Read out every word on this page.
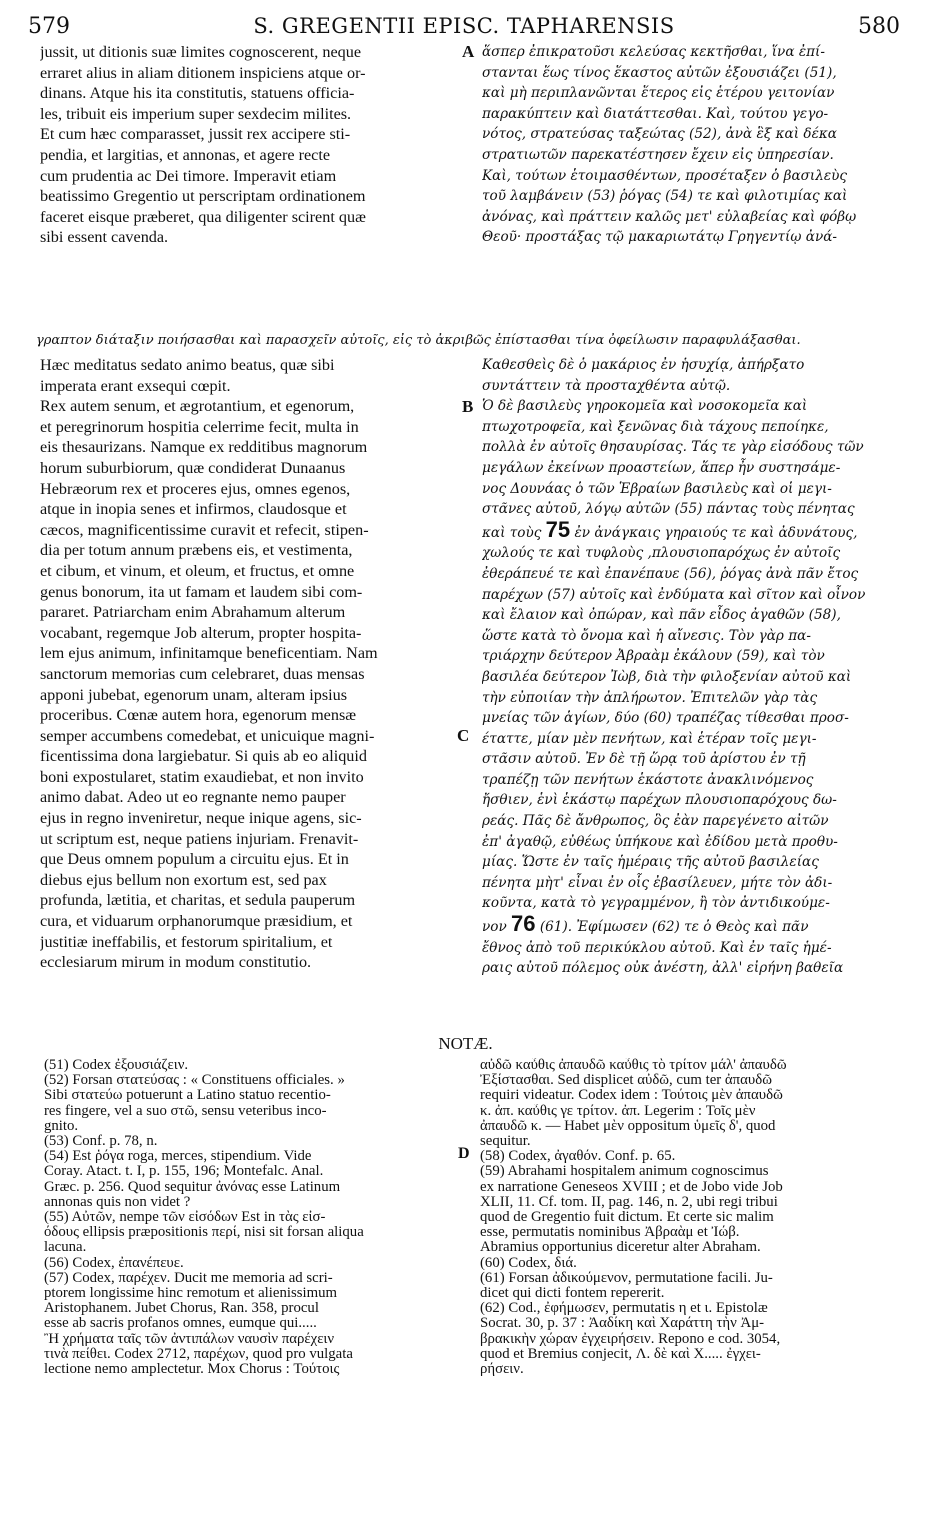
579	S. GREGENTII EPISC. TAPHARENSIS	580
jussit, ut ditionis suæ limites cognoscerent, neque
erraret alius in aliam ditionem inspiciens atque or-
dinans. Atque his ita constitutis, statuens officia-
les, tribuit eis imperium super sexdecim milites.
Et cum hæc comparasset, jussit rex accipere sti-
pendia, et largitias, et annonas, et agere recte
cum prudentia ac Dei timore. Imperavit etiam
beatissimo Gregentio ut perscriptam ordinationem
faceret eisque præberet, qua diligenter scirent quæ
sibi essent cavenda.
ἅσπερ ἐπικρατοῦσι κελεύσας κεκτῆσθαι, ἵνα ἐπί-
στανται ἕως τίνος ἕκαστος αὐτῶν ἐξουσιάζει (51),
καὶ μὴ περιπλανῶνται ἕτερος εἰς ἑτέρου γειτονίαν
παρακύπτειν καὶ διατάττεσθαι. Καὶ, τούτου γεγο-
νότος, στρατεύσας ταξεώτας (52), ἀνὰ ἓξ καὶ δέκα
στρατιωτῶν παρεκατέστησεν ἔχειν εἰς ὑπηρεσίαν.
Καὶ, τούτων ἑτοιμασθέντων, προσέταξεν ὁ βασιλεὺς
τοῦ λαμβάνειν (53) ῥόγας (54) τε καὶ φιλοτιμίας καὶ
ἀνόνας, καὶ πράττειν καλῶς μετ' εὐλαβείας καὶ φόβῳ
Θεοῦ· προστάξας τῷ μακαριωτάτῳ Γρηγεντίῳ ἀνά-
A
γραπτον διάταξιν ποιήσασθαι καὶ παρασχεῖν αὐτοῖς, εἰς τὸ ἀκριβῶς ἐπίστασθαι τίνα ὀφείλωσιν παραφυλάξασθαι.
Hæc meditatus sedato animo beatus, quæ sibi
imperata erant exsequi cœpit.
Rex autem senum, et ægrotantium, et egenorum,
et peregrinorum hospitia celerrime fecit, multa in
eis thesaurizans. Namque ex redditibus magnorum
horum suburbiorum, quæ condiderat Dunaanus
Hebræorum rex et proceres ejus, omnes egenos,
atque in inopia senes et infirmos, claudosque et
cæcos, magnificentissime curavit et refecit, stipen-
dia per totum annum præbens eis, et vestimenta,
et cibum, et vinum, et oleum, et fructus, et omne
genus bonorum, ita ut famam et laudem sibi com-
pararet. Patriarcham enim Abrahamum alterum
vocabant, regemque Job alterum, propter hospita-
lem ejus animum, infinitamque beneficentiam. Nam
sanctorum memorias cum celebraret, duas mensas
apponi jubebat, egenorum unam, alteram ipsius
proceribus. Cœnæ autem hora, egenorum mensæ
semper accumbens comedebat, et unicuique magni-
ficentissima dona largiebatur. Si quis ab eo aliquid
boni expostularet, statim exaudiebat, et non invito
animo dabat. Adeo ut eo regnante nemo pauper
ejus in regno inveniretur, neque inique agens, sic-
ut scriptum est, neque patiens injuriam. Frenavit-
que Deus omnem populum a circuitu ejus. Et in
diebus ejus bellum non exortum est, sed pax
profunda, lætitia, et charitas, et sedula pauperum
cura, et viduarum orphanorumque præsidium, et
justitiæ ineffabilis, et festorum spiritalium, et
ecclesiarum mirum in modum constitutio.
Καθεσθεὶς δὲ ὁ μακάριος ἐν ἡσυχίᾳ, ἀπήρξατο
συντάττειν τὰ προσταχθέντα αὐτῷ.
Ὁ δὲ βασιλεὺς γηροκομεῖα καὶ νοσοκομεῖα καὶ
πτωχοτροφεῖα, καὶ ξενῶνας διὰ τάχους πεποίηκε,
πολλὰ ἐν αὐτοῖς θησαυρίσας. Τάς τε γὰρ εἰσόδους τῶν
μεγάλων ἐκείνων προαστείων, ἅπερ ἦν συστησάμε-
νος Δουνάας ὁ τῶν Ἑβραίων βασιλεὺς καὶ οἱ μεγι-
στᾶνες αὐτοῦ, λόγῳ αὐτῶν (55) πάντας τοὺς πένητας
καὶ τοὺς 75 ἐν ἀνάγκαις γηραιούς τε καὶ ἀδυνάτους,
χωλούς τε καὶ τυφλοὺς ,πλουσιοπαρόχως ἐν αὐτοῖς
ἐθεράπευέ τε καὶ ἐπανέπαυε (56), ῥόγας ἀνὰ πᾶν ἔτος
παρέχων (57) αὐτοῖς καὶ ἐνδύματα καὶ σῖτον καὶ οἶνον
καὶ ἔλαιον καὶ ὀπώραν, καὶ πᾶν εἶδος ἀγαθῶν (58),
ὥστε κατὰ τὸ ὄνομα καὶ ἡ αἴνεσις. Τὸν γὰρ πα-
τριάρχην δεύτερον Ἀβραὰμ ἐκάλουν (59), καὶ τὸν
βασιλέα δεύτερον Ἰὼβ, διὰ τὴν φιλοξενίαν αὐτοῦ καὶ
τὴν εὐποιίαν τὴν ἀπλήρωτον. Ἐπιτελῶν γὰρ τὰς
μνείας τῶν ἁγίων, δύο (60) τραπέζας τίθεσθαι προσ-
έταττε, μίαν μὲν πενήτων, καὶ ἑτέραν τοῖς μεγι-
στᾶσιν αὐτοῦ. Ἐν δὲ τῇ ὥρᾳ τοῦ ἀρίστου ἐν τῇ
τραπέζῃ τῶν πενήτων ἑκάστοτε ἀνακλινόμενος
ἤσθιεν, ἑνὶ ἑκάστῳ παρέχων πλουσιοπαρόχους δω-
ρεάς. Πᾶς δὲ ἄνθρωπος, ὃς ἐὰν παρεγένετο αἰτῶν
ἐπ' ἀγαθῷ, εὐθέως ὑπήκουε καὶ ἐδίδου μετὰ προθυ-
μίας. Ὥστε ἐν ταῖς ἡμέραις τῆς αὐτοῦ βασιλείας
πένητα μὴτ' εἶναι ἐν οἷς ἐβασίλευεν, μήτε τὸν ἀδι-
κοῦντα, κατὰ τὸ γεγραμμένον, ἢ τὸν ἀντιδικούμε-
νον 76 (61). Ἐφίμωσεν (62) τε ὁ Θεὸς καὶ πᾶν
ἔθνος ἀπὸ τοῦ περικύκλου αὐτοῦ. Καὶ ἐν ταῖς ἡμέ-
ραις αὐτοῦ πόλεμος οὐκ ἀνέστη, ἀλλ' εἰρήνη βαθεῖα
B
C
NOTÆ.
(51) Codex ἐξουσιάζειν.
(52) Forsan στατεύσας : « Constituens officiales. »
Sibi στατεύω potuerunt a Latino statuo recentio-
res fingere, vel a suo στῶ, sensu veteribus inco-
gnito.
(53) Conf. p. 78, n.
(54) Est ῥόγα roga, merces, stipendium. Vide
Coray. Atact. t. I, p. 155, 196; Montefalc. Anal.
Græc. p. 256. Quod sequitur ἀνόνας esse Latinum
annonas quis non videt ?
(55) Αὐτῶν, nempe τῶν εἰσόδων Est in τὰς εἰσ-
όδους ellipsis præpositionis περί, nisi sit forsan aliqua
lacuna.
(56) Codex, ἐπανέπευε.
(57) Codex, παρέχεν. Ducit me memoria ad scri-
ptorem longissime hinc remotum et alienissimum
Aristophanem. Jubet Chorus, Ran. 358, procul
esse ab sacris profanos omnes, eumque qui.....
Ἢ χρήματα ταῖς τῶν ἀντιπάλων ναυσὶν παρέχειν
τινὰ πείθει. Codex 2712, παρέχων, quod pro vulgata
lectione nemo amplectetur. Mox Chorus : Τούτοις
αὐδῶ καὖθις ἀπαυδῶ καὖθις τὸ τρίτον μάλ' ἀπαυδῶ
Ἐξίστασθαι. Sed displicet αὐδῶ, cum ter ἀπαυδῶ
requiri videatur. Codex idem : Τούτοις μὲν ἀπαυδῶ
κ. ἀπ. καὖθις γε τρίτον. ἀπ. Legerim : Τοῖς μὲν
ἀπαυδῶ κ. — Habet μὲν oppositum ὑμεῖς δ', quod
sequitur.
(58) Codex, ἀγαθόν. Conf. p. 65.
(59) Abrahami hospitalem animum cognoscimus
ex narratione Geneseos XVIII ; et de Jobo vide Job
XLII, 11. Cf. tom. II, pag. 146, n. 2, ubi regi tribui
quod de Gregentio fuit dictum. Et certe sic malim
esse, permutatis nominibus Ἀβραὰμ et Ἰώβ.
Abramius opportunius diceretur alter Abraham.
(60) Codex, διά.
(61) Forsan ἀδικούμενον, permutatione facili. Ju-
dicet qui dicti fontem repererit.
(62) Cod., ἐφήμωσεν, permutatis η et ι. Epistolæ
Socrat. 30, p. 37 : Ἀαδίκη καὶ Χαράττη τὴν Ἀμ-
βρακικὴν χώραν ἐγχειρήσειν. Repono e cod. 3054,
quod et Bremius conjecit, Λ. δὲ καὶ Χ..... ἐγχει-
ρήσειν.
D
